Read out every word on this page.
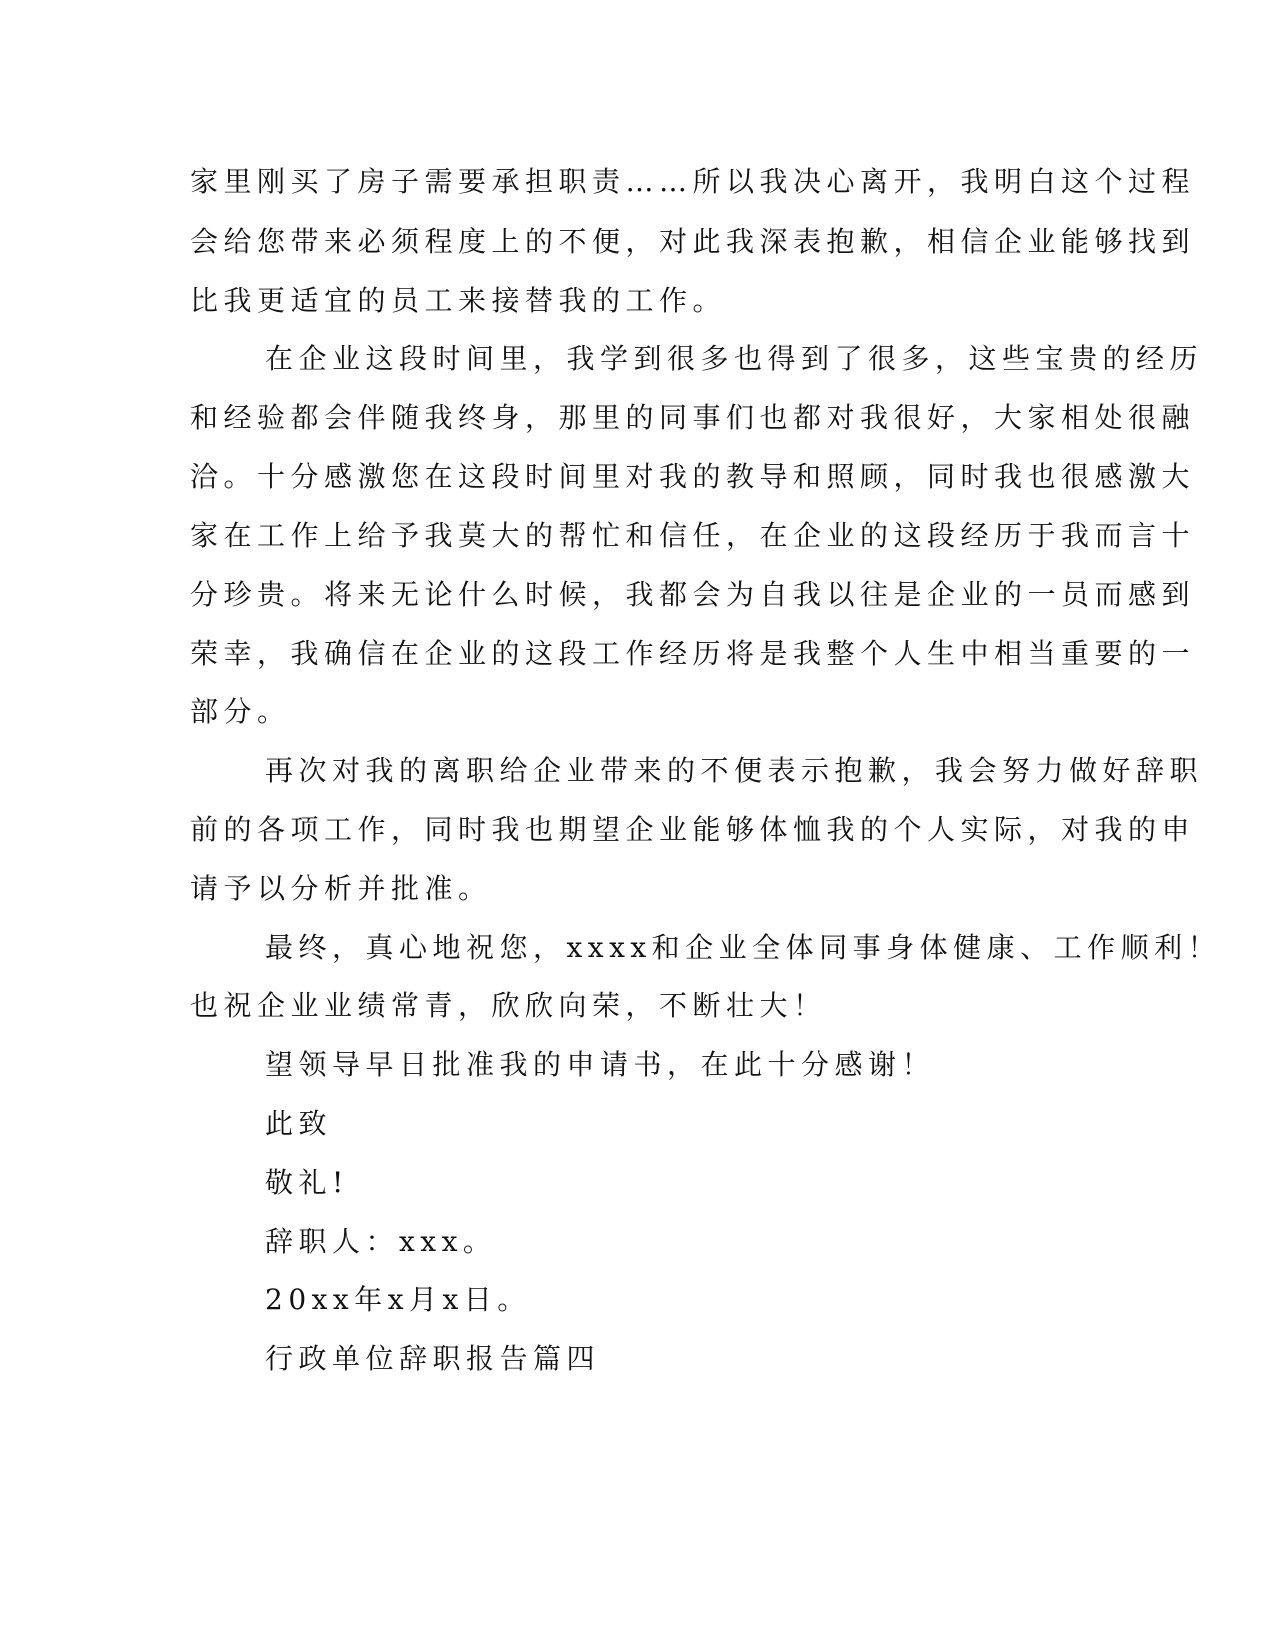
家里刚买了房子需要承担职责……所以我决心离开，我明白这个过程
会给您带来必须程度上的不便，对此我深表抱歉，相信企业能够找到
比我更适宜的员工来接替我的工作。
在企业这段时间里，我学到很多也得到了很多，这些宝贵的经历
和经验都会伴随我终身，那里的同事们也都对我很好，大家相处很融
洽。十分感激您在这段时间里对我的教导和照顾，同时我也很感激大
家在工作上给予我莫大的帮忙和信任，在企业的这段经历于我而言十
分珍贵。将来无论什么时候，我都会为自我以往是企业的一员而感到
荣幸，我确信在企业的这段工作经历将是我整个人生中相当重要的一
部分。
再次对我的离职给企业带来的不便表示抱歉，我会努力做好辞职
前的各项工作，同时我也期望企业能够体恤我的个人实际，对我的申
请予以分析并批准。
最终，真心地祝您，xxxx和企业全体同事身体健康、工作顺利！
也祝企业业绩常青，欣欣向荣，不断壮大！
望领导早日批准我的申请书，在此十分感谢！
此致
敬礼!
辞职人：xxx。
20xx年x月x日。
行政单位辞职报告篇四
